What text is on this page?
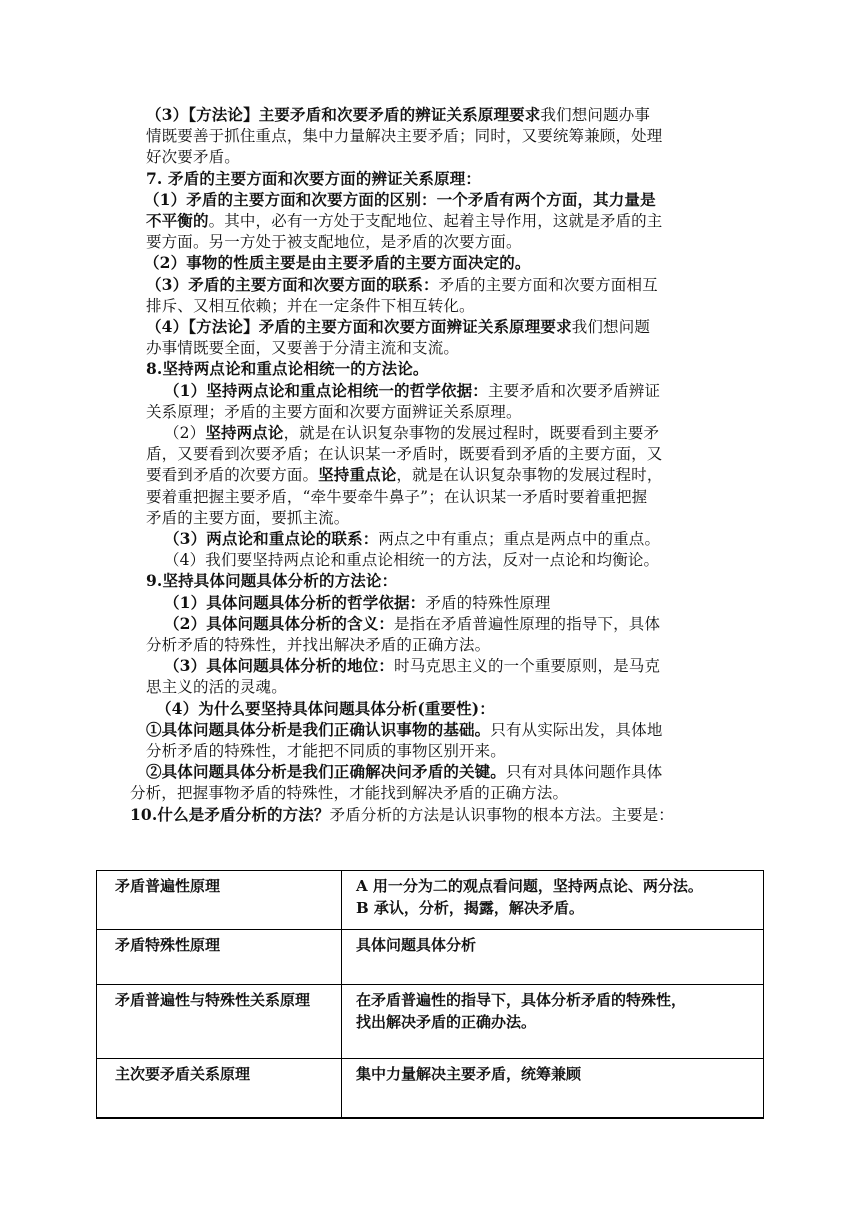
（3）【方法论】主要矛盾和次要矛盾的辨证关系原理要求我们想问题办事
情既要善于抓住重点，集中力量解决主要矛盾；同时，又要统筹兼顾，处理
好次要矛盾。
7. 矛盾的主要方面和次要方面的辨证关系原理：
（1）矛盾的主要方面和次要方面的区别：一个矛盾有两个方面，其力量是
不平衡的。其中，必有一方处于支配地位、起着主导作用，这就是矛盾的主
要方面。另一方处于被支配地位，是矛盾的次要方面。
（2）事物的性质主要是由主要矛盾的主要方面决定的。
（3）矛盾的主要方面和次要方面的联系：矛盾的主要方面和次要方面相互
排斥、又相互依赖；并在一定条件下相互转化。
（4）【方法论】矛盾的主要方面和次要方面辨证关系原理要求我们想问题
办事情既要全面，又要善于分清主流和支流。
8.坚持两点论和重点论相统一的方法论。
（1）坚持两点论和重点论相统一的哲学依据：主要矛盾和次要矛盾辨证
关系原理；矛盾的主要方面和次要方面辨证关系原理。
（2）坚持两点论，就是在认识复杂事物的发展过程时，既要看到主要矛
盾，又要看到次要矛盾；在认识某一矛盾时，既要看到矛盾的主要方面，又
要看到矛盾的次要方面。坚持重点论，就是在认识复杂事物的发展过程时，
要着重把握主要矛盾，“牵牛要牵牛鼻子”；在认识某一矛盾时要着重把握
矛盾的主要方面，要抓主流。
（3）两点论和重点论的联系：两点之中有重点；重点是两点中的重点。
（4）我们要坚持两点论和重点论相统一的方法，反对一点论和均衡论。
9.坚持具体问题具体分析的方法论：
（1）具体问题具体分析的哲学依据：矛盾的特殊性原理
（2）具体问题具体分析的含义：是指在矛盾普遍性原理的指导下，具体
分析矛盾的特殊性，并找出解决矛盾的正确方法。
（3）具体问题具体分析的地位：时马克思主义的一个重要原则，是马克
思主义的活的灵魂。
（4）为什么要坚持具体问题具体分析(重要性)：
①具体问题具体分析是我们正确认识事物的基础。只有从实际出发，具体地
分析矛盾的特殊性，才能把不同质的事物区别开来。
②具体问题具体分析是我们正确解决问矛盾的关键。只有对具体问题作具体
分析，把握事物矛盾的特殊性，才能找到解决矛盾的正确方法。
10.什么是矛盾分析的方法？矛盾分析的方法是认识事物的根本方法。主要是：
矛盾普遍性原理	A 用一分为二的观点看问题，坚持两点论、两分法。
B 承认，分析，揭露，解决矛盾。

矛盾特殊性原理	具体问题具体分析

矛盾普遍性与特殊性关系原理	在矛盾普遍性的指导下，具体分析矛盾的特殊性，
找出解决矛盾的正确办法。

主次要矛盾关系原理	集中力量解决主要矛盾，统筹兼顾
